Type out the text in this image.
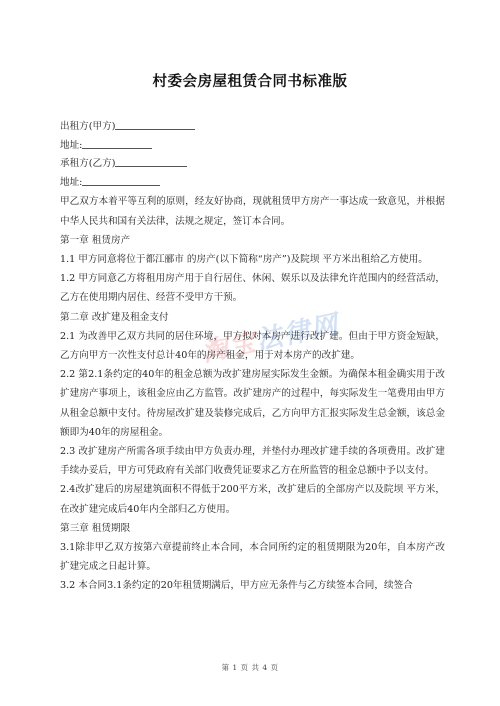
村委会房屋租赁合同书标准版
出租方(甲方)
地址:
承租方(乙方)
地址:

甲乙双方本着平等互利的原则，经友好协商，现就租赁甲方房产一事达成一致意见，并根据中华人民共和国有关法律，法规之规定，签订本合同。

第一章 租赁房产

1.1 甲方同意将位于都江郦市 的房产(以下简称“房产”)及院坝 平方米出租给乙方使用。

1.2 甲方同意乙方将租用房产用于自行居住、休闲、娱乐以及法律允许范围内的经营活动，乙方在使用期内居住、经营不受甲方干预。

第二章 改扩建及租金支付

2.1 为改善甲乙双方共同的居住环境，甲方拟对本房产进行改扩建。但由于甲方资金短缺，乙方向甲方一次性支付总计40年的房产租金，用于对本房产的改扩建。

2.2 第2.1条约定的40年的租金总额为改扩建房屋实际发生金额。为确保本租金确实用于改扩建房产事项上，该租金应由乙方监管。改扩建房产的过程中，每实际发生一笔费用由甲方从租金总额中支付。待房屋改扩建及装修完成后，乙方向甲方汇报实际发生总金额，该总金额即为40年的房屋租金。

2.3 改扩建房产所需各项手续由甲方负责办理，并垫付办理改扩建手续的各项费用。改扩建手续办妥后，甲方可凭政府有关部门收费凭证要求乙方在所监管的租金总额中予以支付。

2.4改扩建后的房屋建筑面积不得低于200平方米，改扩建后的全部房产以及院坝 平方米，在改扩建完成后40年内全部归乙方使用。

第三章 租赁期限

3.1除非甲乙双方按第六章提前终止本合同，本合同所约定的租赁期限为20年，自本房产改扩建完成之日起计算。

3.2 本合同3.1条约定的20年租赁期满后，甲方应无条件与乙方续签本合同，续签合

淘宝法律网
第 1 页 共 4 页
